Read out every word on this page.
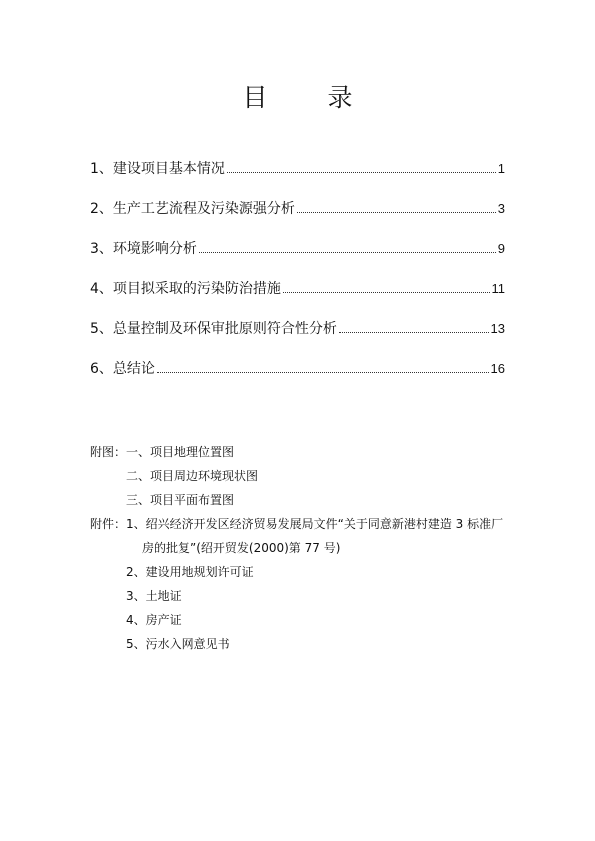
目 录
1、建设项目基本情况	1
2、生产工艺流程及污染源强分析	3
3、环境影响分析	9
4、项目拟采取的污染防治措施	11
5、总量控制及环保审批原则符合性分析	13
6、总结论	16
附图： 一、项目地理位置图
二、项目周边环境现状图
三、项目平面布置图
附件： 1、绍兴经济开发区经济贸易发展局文件“关于同意新港村建造 3 标准厂
房的批复”(绍开贸发(2000)第 77 号)
2、建设用地规划许可证
3、土地证
4、房产证
5、污水入网意见书
